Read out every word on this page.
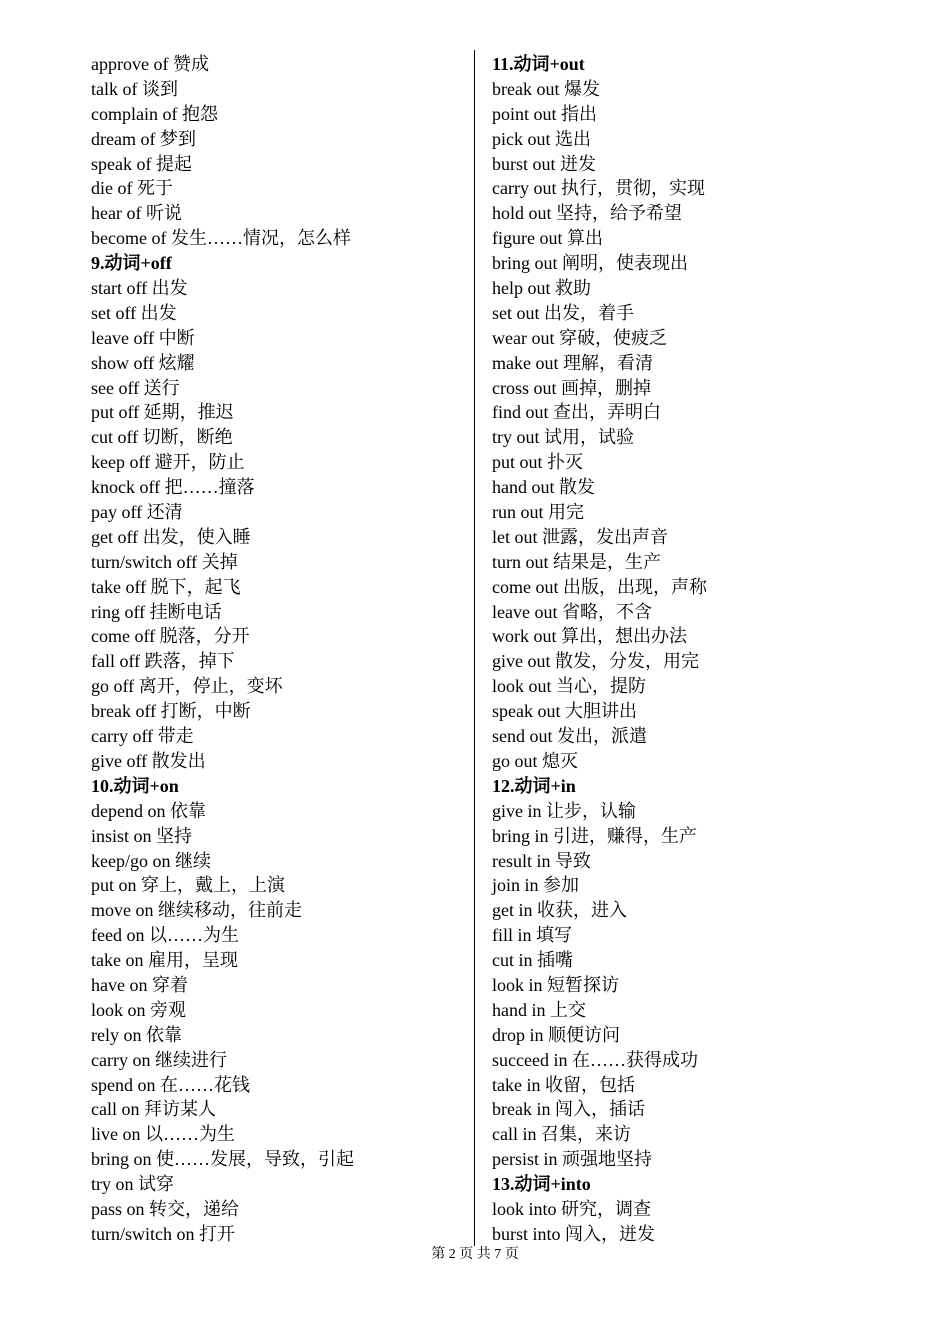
approve of 赞成
talk of 谈到
complain of 抱怨
dream of 梦到
speak of 提起
die of 死于
hear of 听说
become of 发生……情况，怎么样
9.动词+off
start off 出发
set off 出发
leave off 中断
show off 炫耀
see off 送行
put off 延期，推迟
cut off 切断，断绝
keep off 避开，防止
knock off 把……撞落
pay off 还清
get off 出发，使入睡
turn/switch off 关掉
take off 脱下，起飞
ring off 挂断电话
come off 脱落，分开
fall off 跌落，掉下
go off 离开，停止，变坏
break off 打断，中断
carry off 带走
give off 散发出
10.动词+on
depend on 依靠
insist on 坚持
keep/go on 继续
put on 穿上，戴上，上演
move on 继续移动，往前走
feed on 以……为生
take on 雇用，呈现
have on 穿着
look on 旁观
rely on 依靠
carry on 继续进行
spend on 在……花钱
call on 拜访某人
live on 以……为生
bring on 使……发展，导致，引起
try on 试穿
pass on 转交，递给
turn/switch on 打开
11.动词+out
break out 爆发
point out 指出
pick out 选出
burst out 迸发
carry out 执行，贯彻，实现
hold out 坚持，给予希望
figure out 算出
bring out 阐明，使表现出
help out 救助
set out 出发，着手
wear out 穿破，使疲乏
make out 理解，看清
cross out 画掉，删掉
find out 查出，弄明白
try out 试用，试验
put out 扑灭
hand out 散发
run out 用完
let out 泄露，发出声音
turn out 结果是，生产
come out 出版，出现，声称
leave out 省略，不含
work out 算出，想出办法
give out 散发，分发，用完
look out 当心，提防
speak out 大胆讲出
send out 发出，派遣
go out 熄灭
12.动词+in
give in 让步，认输
bring in 引进，赚得，生产
result in 导致
join in 参加
get in 收获，进入
fill in 填写
cut in 插嘴
look in 短暂探访
hand in 上交
drop in 顺便访问
succeed in 在……获得成功
take in 收留，包括
break in 闯入，插话
call in 召集，来访
persist in 顽强地坚持
13.动词+into
look into 研究，调查
burst into 闯入，迸发
第 2 页 共 7 页
